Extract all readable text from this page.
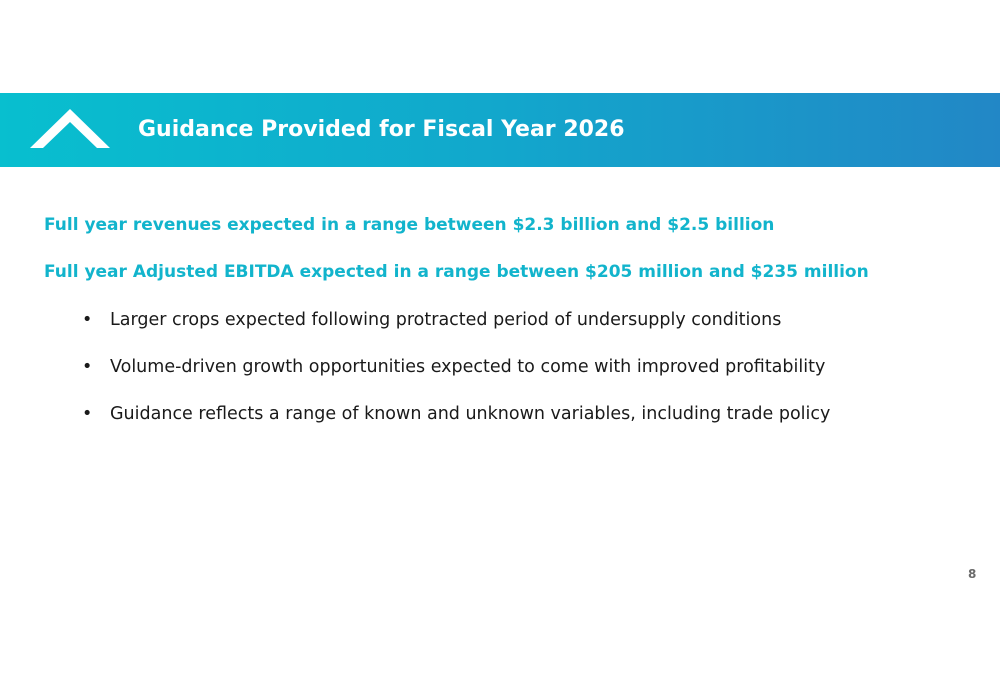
Guidance Provided for Fiscal Year 2026
Full year revenues expected in a range between $2.3 billion and $2.5 billion
Full year Adjusted EBITDA expected in a range between $205 million and $235 million
• Larger crops expected following protracted period of undersupply conditions
• Volume-driven growth opportunities expected to come with improved profitability
• Guidance reflects a range of known and unknown variables, including trade policy
8
